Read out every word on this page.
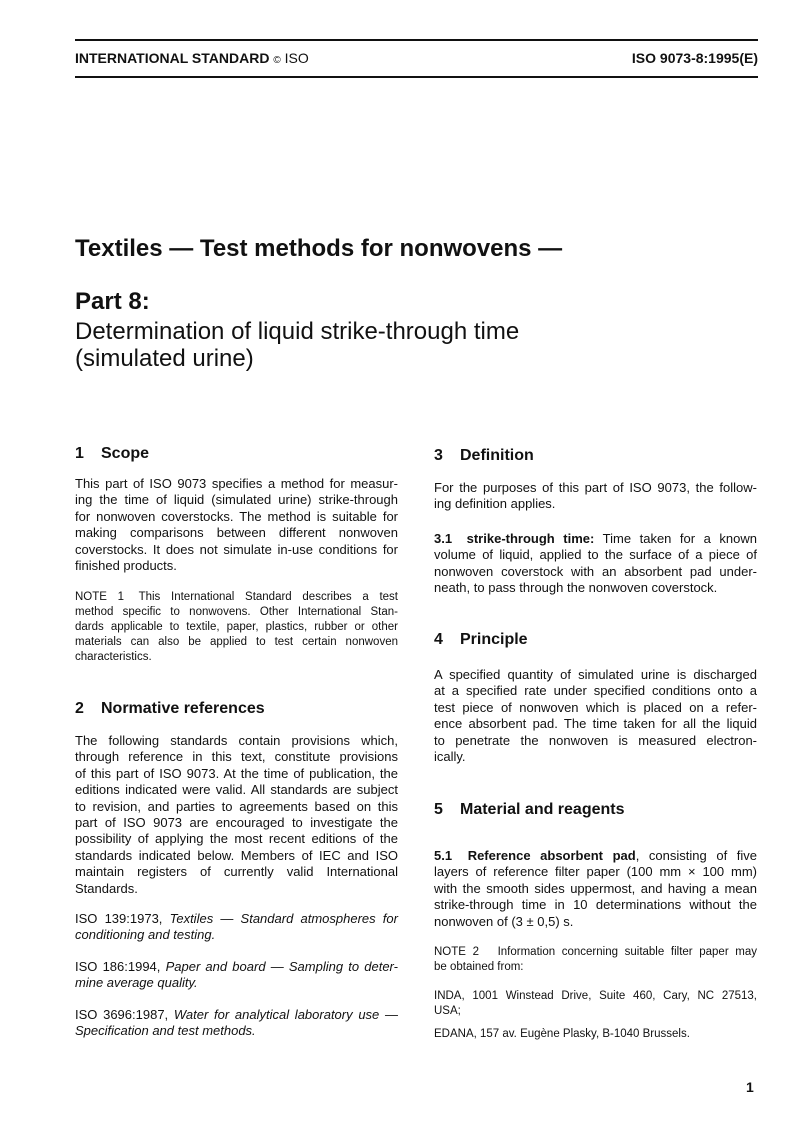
INTERNATIONAL STANDARD © ISO	ISO 9073-8:1995(E)
Textiles — Test methods for nonwovens —
Part 8:
Determination of liquid strike-through time
(simulated urine)
1 Scope
This part of ISO 9073 specifies a method for measur-
ing the time of liquid (simulated urine) strike-through
for nonwoven coverstocks. The method is suitable for
making comparisons between different nonwoven
coverstocks. It does not simulate in-use conditions for
finished products.
NOTE 1 This International Standard describes a test
method specific to nonwovens. Other International Stan-
dards applicable to textile, paper, plastics, rubber or other
materials can also be applied to test certain nonwoven
characteristics.
2 Normative references
The following standards contain provisions which,
through reference in this text, constitute provisions
of this part of ISO 9073. At the time of publication, the
editions indicated were valid. All standards are subject
to revision, and parties to agreements based on this
part of ISO 9073 are encouraged to investigate the
possibility of applying the most recent editions of the
standards indicated below. Members of IEC and ISO
maintain registers of currently valid International
Standards.
ISO 139:1973, Textiles — Standard atmospheres for
conditioning and testing.
ISO 186:1994, Paper and board — Sampling to deter-
mine average quality.
ISO 3696:1987, Water for analytical laboratory use —
Specification and test methods.
3 Definition
For the purposes of this part of ISO 9073, the follow-
ing definition applies.
3.1 strike-through time: Time taken for a known
volume of liquid, applied to the surface of a piece of
nonwoven coverstock with an absorbent pad under-
neath, to pass through the nonwoven coverstock.
4 Principle
A specified quantity of simulated urine is discharged
at a specified rate under specified conditions onto a
test piece of nonwoven which is placed on a refer-
ence absorbent pad. The time taken for all the liquid
to penetrate the nonwoven is measured electron-
ically.
5 Material and reagents
5.1 Reference absorbent pad, consisting of five
layers of reference filter paper (100 mm × 100 mm)
with the smooth sides uppermost, and having a mean
strike-through time in 10 determinations without the
nonwoven of (3 ± 0,5) s.
NOTE 2 Information concerning suitable filter paper may
be obtained from:
INDA, 1001 Winstead Drive, Suite 460, Cary, NC 27513,
USA;
EDANA, 157 av. Eugène Plasky, B-1040 Brussels.
1
